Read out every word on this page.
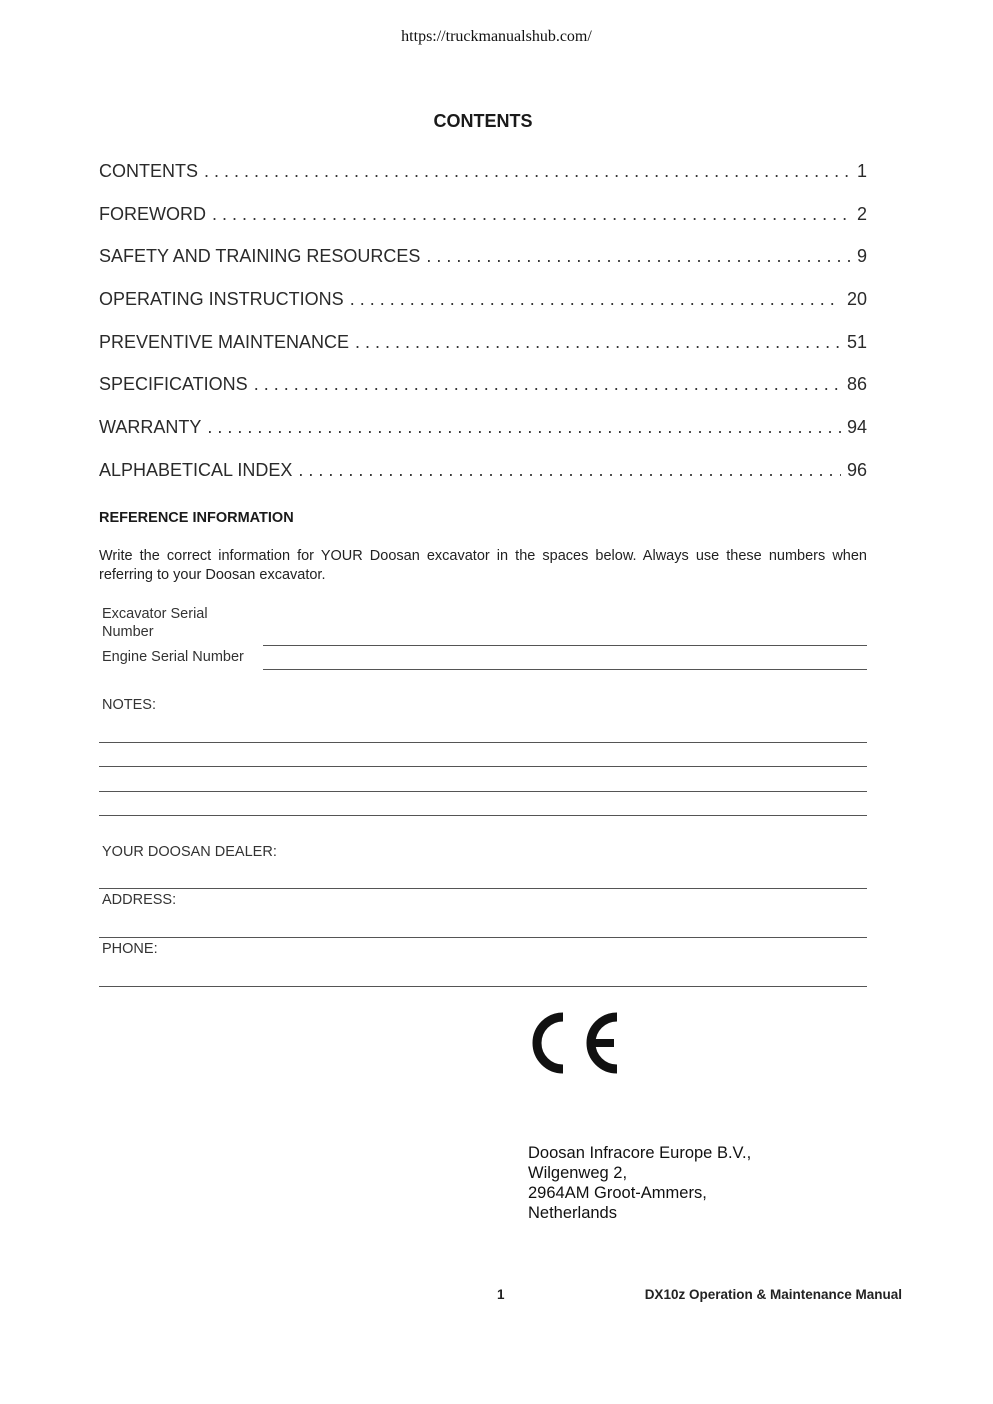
https://truckmanualshub.com/
CONTENTS
CONTENTS . . .	1
FOREWORD . . .	2
SAFETY AND TRAINING RESOURCES . . .	9
OPERATING INSTRUCTIONS . . .	20
PREVENTIVE MAINTENANCE . . .	51
SPECIFICATIONS . . .	86
WARRANTY . . .	94
ALPHABETICAL INDEX . . .	96
REFERENCE INFORMATION
Write the correct information for YOUR Doosan excavator in the spaces below. Always use these numbers when referring to your Doosan excavator.
Excavator Serial Number
Engine Serial Number
NOTES:
YOUR DOOSAN DEALER:
ADDRESS:
PHONE:
Doosan Infracore Europe B.V.,
Wilgenweg 2,
2964AM Groot-Ammers,
Netherlands
1	DX10z Operation & Maintenance Manual
